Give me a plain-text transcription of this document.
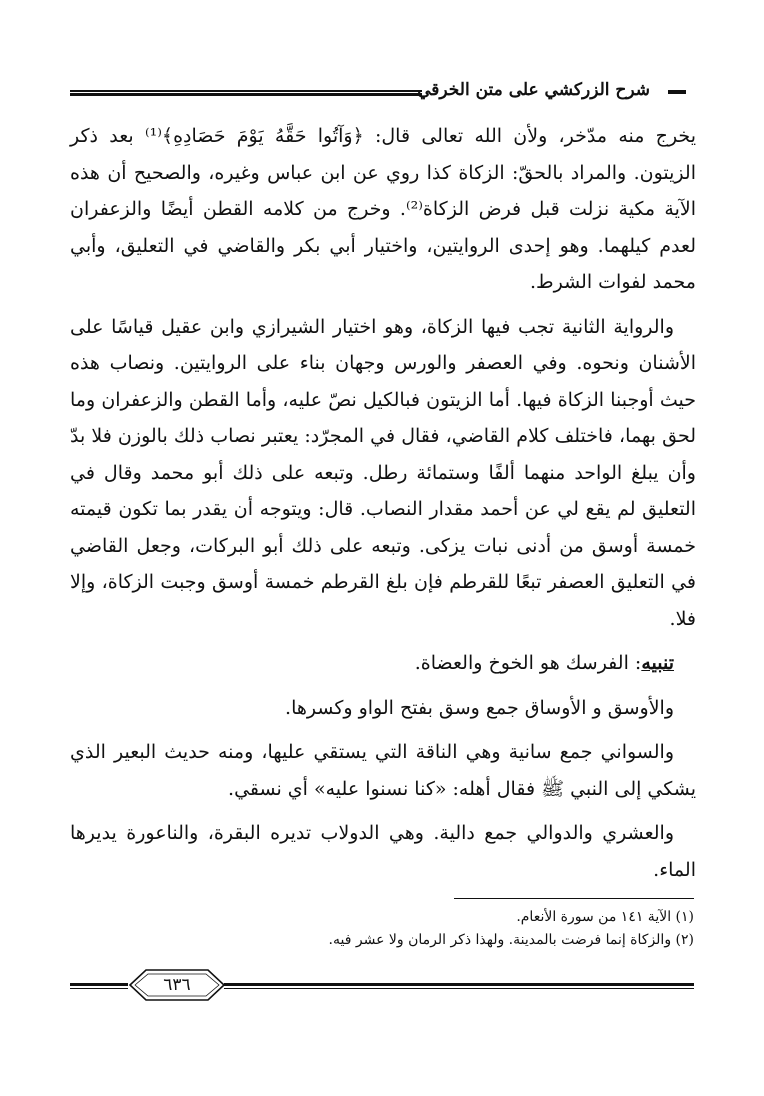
شرح الزركشي على متن الخرقي

يخرج منه مدّخر، ولأن الله تعالى قال: ﴿وَآتُوا حَقَّهُ يَوْمَ حَصَادِهِ﴾⁽¹⁾ بعد ذكر الزيتون. والمراد بالحقّ: الزكاة كذا روي عن ابن عباس وغيره، والصحيح أن هذه الآية مكية نزلت قبل فرض الزكاة⁽²⁾. وخرج من كلامه القطن أيضًا والزعفران لعدم كيلهما. وهو إحدى الروايتين، واختيار أبي بكر والقاضي في التعليق، وأبي محمد لفوات الشرط.

والرواية الثانية تجب فيها الزكاة، وهو اختيار الشيرازي وابن عقيل قياسًا على الأشنان ونحوه. وفي العصفر والورس وجهان بناء على الروايتين. ونصاب هذه حيث أوجبنا الزكاة فيها. أما الزيتون فبالكيل نصّ عليه، وأما القطن والزعفران وما لحق بهما، فاختلف كلام القاضي، فقال في المجرّد: يعتبر نصاب ذلك بالوزن فلا بدّ وأن يبلغ الواحد منهما ألفًا وستمائة رطل. وتبعه على ذلك أبو محمد وقال في التعليق لم يقع لي عن أحمد مقدار النصاب. قال: ويتوجه أن يقدر بما تكون قيمته خمسة أوسق من أدنى نبات يزكى. وتبعه على ذلك أبو البركات، وجعل القاضي في التعليق العصفر تبعًا للقرطم فإن بلغ القرطم خمسة أوسق وجبت الزكاة، وإلا فلا.

تنبيه: الفرسك هو الخوخ والعضاة.

والأوسق و الأوساق جمع وسق بفتح الواو وكسرها.

والسواني جمع سانية وهي الناقة التي يستقي عليها، ومنه حديث البعير الذي يشكي إلى النبي ﷺ فقال أهله: «كنا نسنوا عليه» أي نسقي.

والعشري والدوالي جمع دالية. وهي الدولاب تديره البقرة، والناعورة يديرها الماء.

(١) الآية ١٤١ من سورة الأنعام.
(٢) والزكاة إنما فرضت بالمدينة. ولهذا ذكر الرمان ولا عشر فيه.
٦٣٦
